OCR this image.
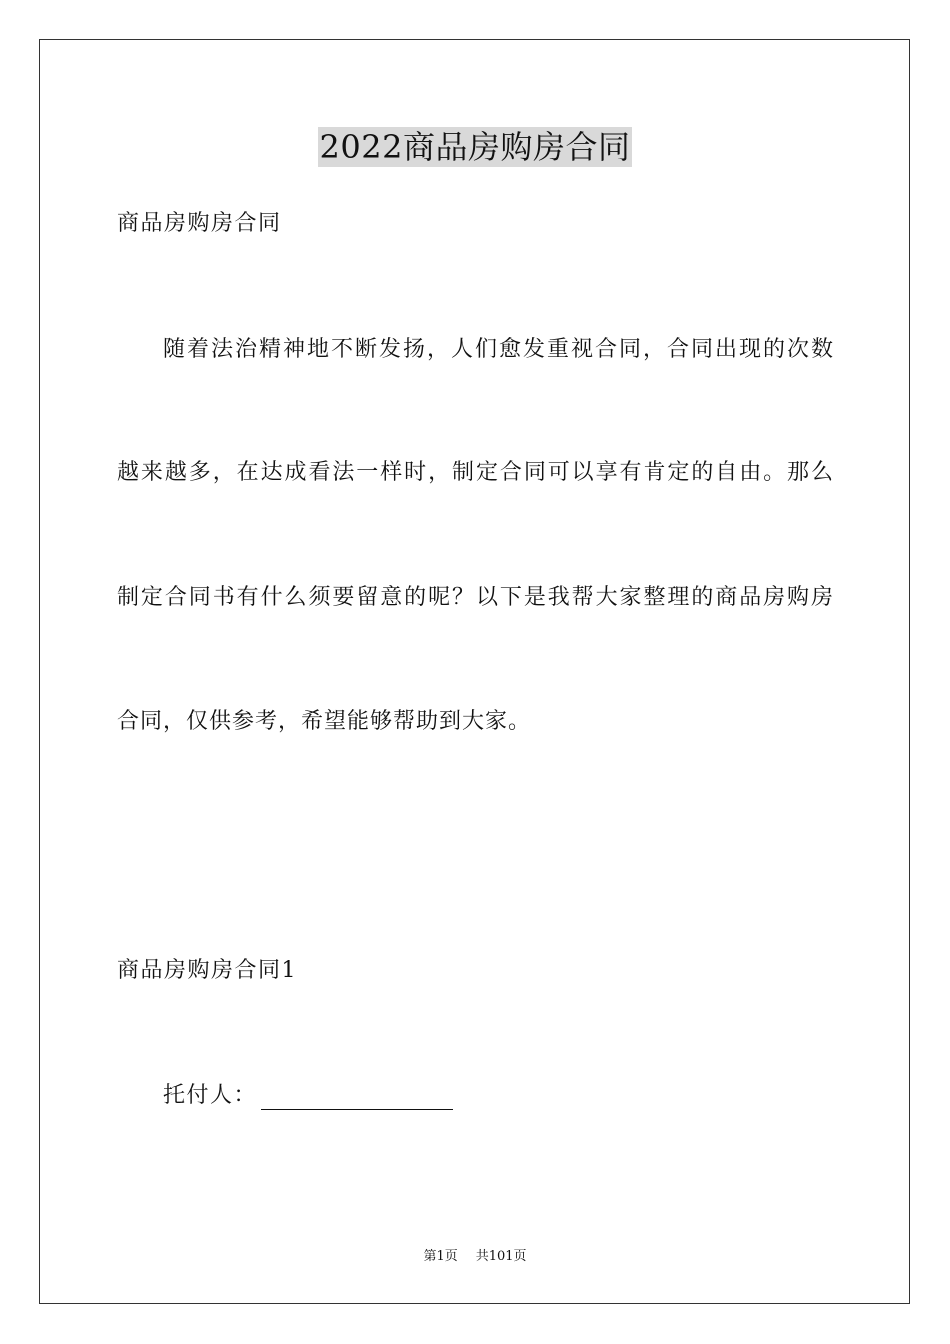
2022商品房购房合同
商品房购房合同
随着法治精神地不断发扬，人们愈发重视合同，合同出现的次数
越来越多，在达成看法一样时，制定合同可以享有肯定的自由。那么
制定合同书有什么须要留意的呢？以下是我帮大家整理的商品房购房
合同，仅供参考，希望能够帮助到大家。
商品房购房合同1
托付人：
第1页 共101页
